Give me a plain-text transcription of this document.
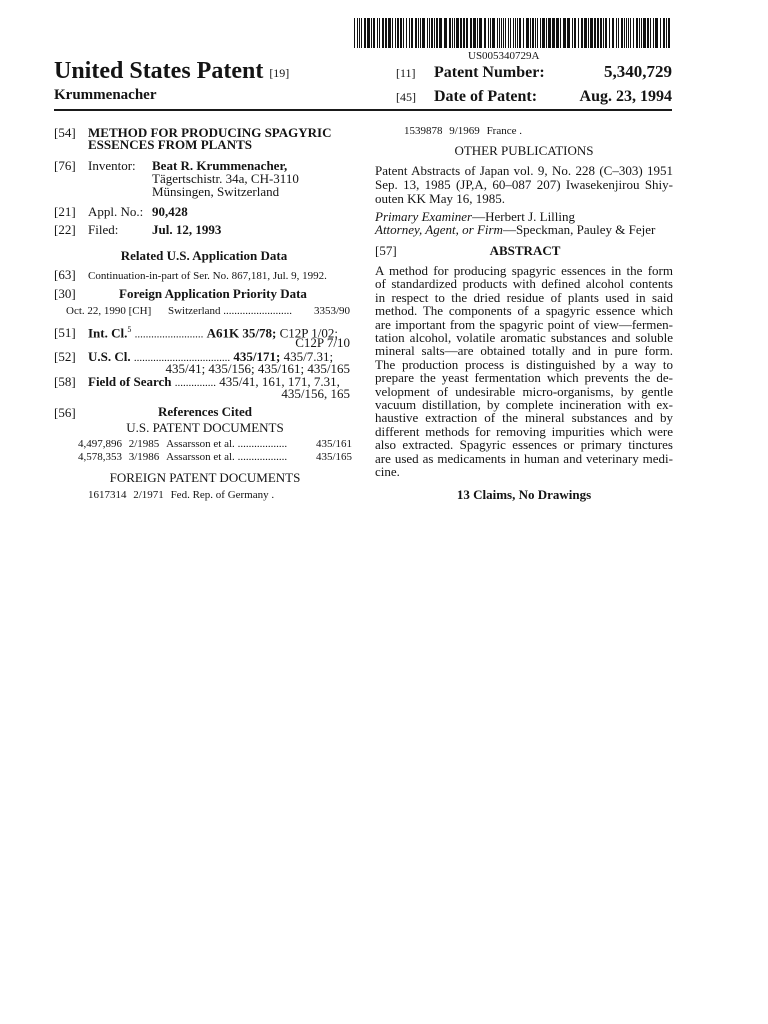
US005340729A
United States Patent [19]
Krummenacher
[11] Patent Number:	5,340,729
[45] Date of Patent:	Aug. 23, 1994
[54] METHOD FOR PRODUCING SPAGYRIC
ESSENCES FROM PLANTS
[76] Inventor: Beat R. Krummenacher,
Tägertschistr. 34a, CH-3110
Münsingen, Switzerland
[21] Appl. No.: 90,428
[22] Filed:	Jul. 12, 1993
Related U.S. Application Data
[63] Continuation-in-part of Ser. No. 867,181, Jul. 9, 1992.
[30]	Foreign Application Priority Data
Oct. 22, 1990 [CH] Switzerland ......................... 3353/90
[51] Int. Cl.$^5$ ......................... A61K 35/78; C12P 1/02;
C12P 7/10
[52] U.S. Cl. ................................... 435/171; 435/7.31;
435/41; 435/156; 435/161; 435/165
[58] Field of Search ............... 435/41, 161, 171, 7.31,
435/156, 165
[56]	References Cited
U.S. PATENT DOCUMENTS
4,497,896 2/1985 Assarsson et al. ..................	435/161
4,578,353 3/1986 Assarsson et al. ..................	435/165
FOREIGN PATENT DOCUMENTS
1617314 2/1971 Fed. Rep. of Germany .
1539878 9/1969 France .
OTHER PUBLICATIONS
Patent Abstracts of Japan vol. 9, No. 228 (C–303) 1951
Sep. 13, 1985 (JP,A, 60–087 207) Iwasekenjirou Shiy-
outen KK May 16, 1985.
Primary Examiner—Herbert J. Lilling
Attorney, Agent, or Firm—Speckman, Pauley & Fejer
[57]	ABSTRACT
A method for producing spagyric essences in the form
of standardized products with defined alcohol contents
in respect to the dried residue of plants used in said
method. The components of a spagyric essence which
are important from the spagyric point of view—fermen-
tation alcohol, volatile aromatic substances and soluble
mineral salts—are obtained totally and in pure form.
The production process is distinguished by a way to
prepare the yeast fermentation which prevents the de-
velopment of undesirable micro-organisms, by gentle
vacuum distillation, by complete incineration with ex-
haustive extraction of the mineral substances and by
different methods for removing impurities which were
also extracted. Spagyric essences or primary tinctures
are used as medicaments in human and veterinary medi-
cine.
13 Claims, No Drawings
